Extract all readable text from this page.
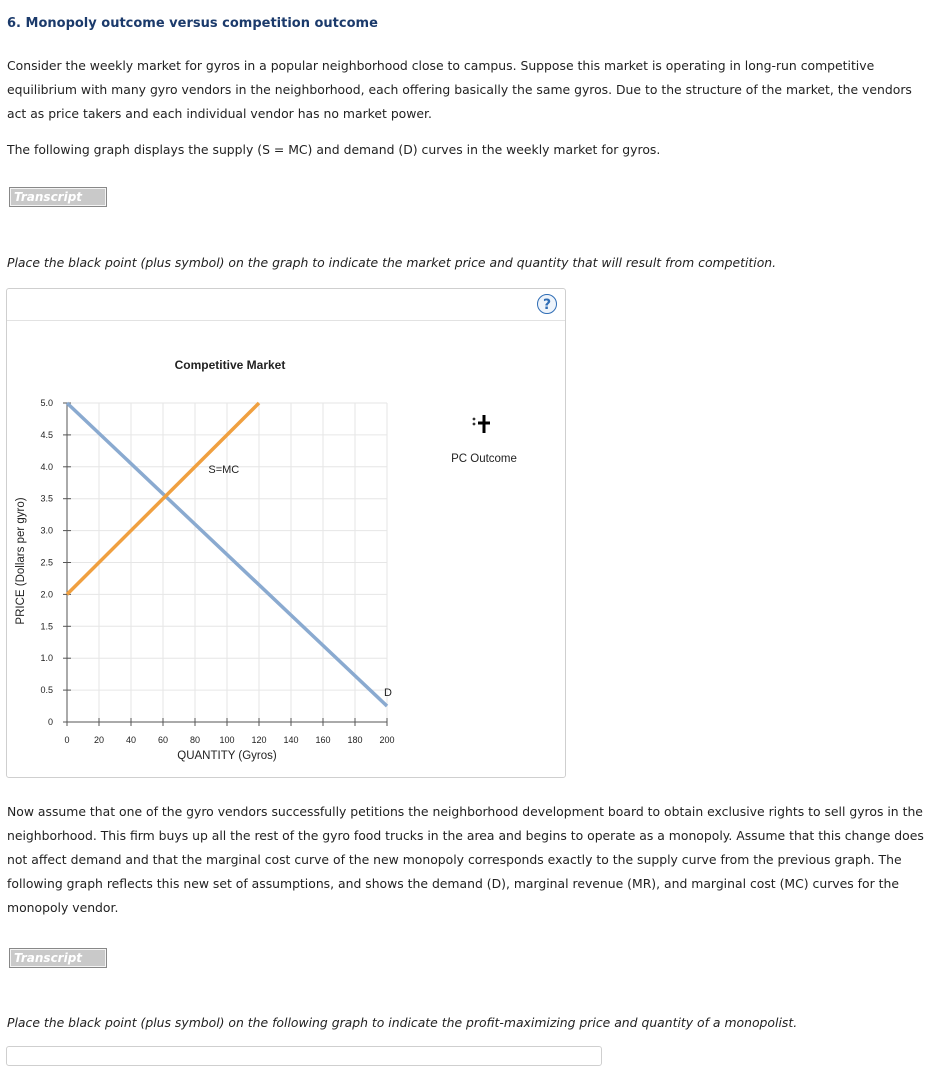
6. Monopoly outcome versus competition outcome
Consider the weekly market for gyros in a popular neighborhood close to campus. Suppose this market is operating in long-run competitive equilibrium with many gyro vendors in the neighborhood, each offering basically the same gyros. Due to the structure of the market, the vendors act as price takers and each individual vendor has no market power.
The following graph displays the supply (S = MC) and demand (D) curves in the weekly market for gyros.
Transcript
Place the black point (plus symbol) on the graph to indicate the market price and quantity that will result from competition.
?
Competitive Market
0	20 40 60 80 100 120 140 160 180 200
0
0.5
1.0
1.5
2.0
2.5
3.0
3.5
4.0
4.5
5.0
D
S=MC
QUANTITY (Gyros)
PRICE (Dollars per gyro)
PC Outcome
Now assume that one of the gyro vendors successfully petitions the neighborhood development board to obtain exclusive rights to sell gyros in the neighborhood. This firm buys up all the rest of the gyro food trucks in the area and begins to operate as a monopoly. Assume that this change does not affect demand and that the marginal cost curve of the new monopoly corresponds exactly to the supply curve from the previous graph. The following graph reflects this new set of assumptions, and shows the demand (D), marginal revenue (MR), and marginal cost (MC) curves for the monopoly vendor.
Transcript
Place the black point (plus symbol) on the following graph to indicate the profit-maximizing price and quantity of a monopolist.
